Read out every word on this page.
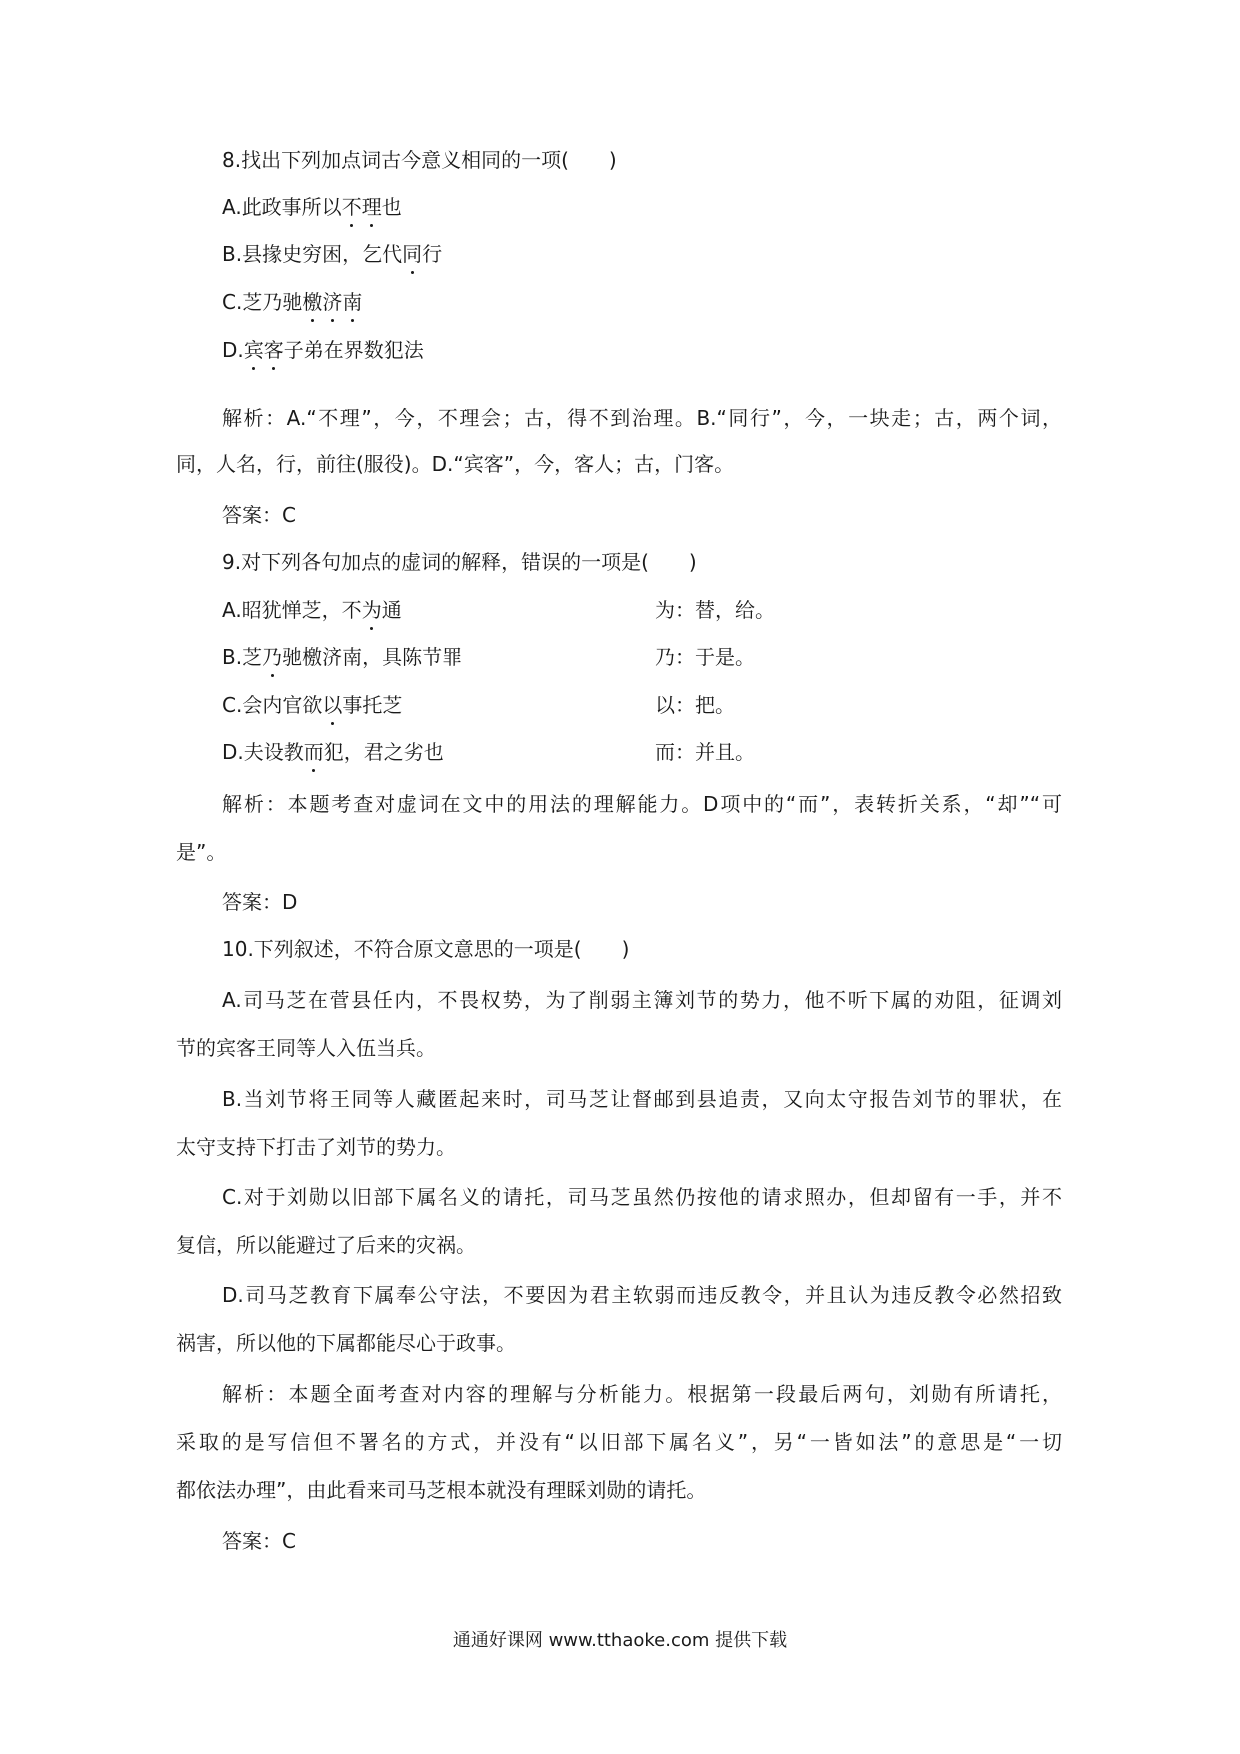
8.找出下列加点词古今意义相同的一项(　　)
A.此政事所以不理也
B.县掾史穷困，乞代同行
C.芝乃驰檄济南
D.宾客子弟在界数犯法
解析：A.“不理”，今，不理会；古，得不到治理。B.“同行”，今，一块走；古，两个词，
同，人名，行，前往(服役)。D.“宾客”，今，客人；古，门客。
答案：C
9.对下列各句加点的虚词的解释，错误的一项是(　　)
A.昭犹惮芝，不为通	为：替，给。
B.芝乃驰檄济南，具陈节罪	乃：于是。
C.会内官欲以事托芝	以：把。
D.夫设教而犯，君之劣也	而：并且。
解析：本题考查对虚词在文中的用法的理解能力。D项中的“而”，表转折关系，“却”“可
是”。
答案：D
10.下列叙述，不符合原文意思的一项是(　　)
A.司马芝在菅县任内，不畏权势，为了削弱主簿刘节的势力，他不听下属的劝阻，征调刘
节的宾客王同等人入伍当兵。
B.当刘节将王同等人藏匿起来时，司马芝让督邮到县追责，又向太守报告刘节的罪状，在
太守支持下打击了刘节的势力。
C.对于刘勋以旧部下属名义的请托，司马芝虽然仍按他的请求照办，但却留有一手，并不
复信，所以能避过了后来的灾祸。
D.司马芝教育下属奉公守法，不要因为君主软弱而违反教令，并且认为违反教令必然招致
祸害，所以他的下属都能尽心于政事。
解析：本题全面考查对内容的理解与分析能力。根据第一段最后两句，刘勋有所请托，
采取的是写信但不署名的方式，并没有“以旧部下属名义”，另“一皆如法”的意思是“一切
都依法办理”，由此看来司马芝根本就没有理睬刘勋的请托。
答案：C
通通好课网 www.tthaoke.com 提供下载
